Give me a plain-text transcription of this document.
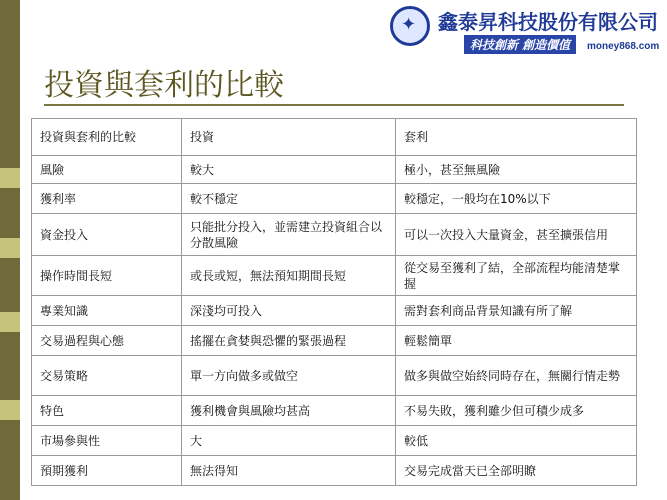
✦ 鑫泰昇科技股份有限公司
科技創新 創造價值	money868.com
投資與套利的比較
投資與套利的比較	投資	套利
風險	較大	極小，甚至無風險
獲利率	較不穩定	較穩定，一般均在10%以下
資金投入	只能批分投入，並需建立投資組合以分散風險	可以一次投入大量資金，甚至擴張信用
操作時間長短	或長或短，無法預知期間長短	從交易至獲利了結，全部流程均能清楚掌握
專業知識	深淺均可投入	需對套利商品背景知識有所了解
交易過程與心態	搖擺在貪婪與恐懼的緊張過程	輕鬆簡單
交易策略	單一方向做多或做空	做多與做空始終同時存在，無關行情走勢
特色	獲利機會與風險均甚高	不易失敗，獲利雖少但可積少成多
市場參與性	大	較低
預期獲利	無法得知	交易完成當天已全部明瞭
